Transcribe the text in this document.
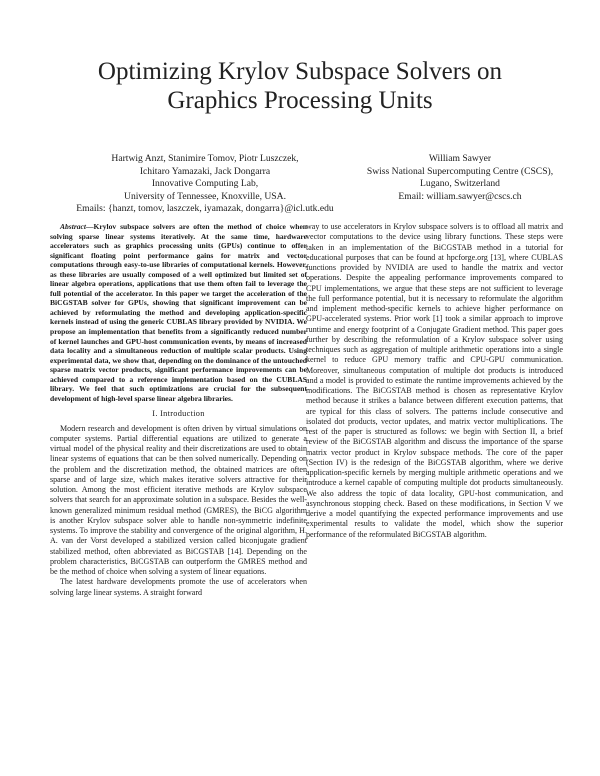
Optimizing Krylov Subspace Solvers on
Graphics Processing Units
Hartwig Anzt, Stanimire Tomov, Piotr Luszczek,
Ichitaro Yamazaki, Jack Dongarra
Innovative Computing Lab,
University of Tennessee, Knoxville, USA.
Emails: {hanzt, tomov, laszczek, iyamazak, dongarra}@icl.utk.edu
William Sawyer
Swiss National Supercomputing Centre (CSCS),
Lugano, Switzerland
Email: william.sawyer@cscs.ch

Abstract—Krylov subspace solvers are often the method of choice when solving sparse linear systems iteratively. At the same time, hardware accelerators such as graphics processing units (GPUs) continue to offer significant floating point performance gains for matrix and vector computations through easy-to-use libraries of computational kernels. However, as these libraries are usually composed of a well optimized but limited set of linear algebra operations, applications that use them often fail to leverage the full potential of the accelerator. In this paper we target the acceleration of the BiCGSTAB solver for GPUs, showing that significant improvement can be achieved by reformulating the method and developing application-specific kernels instead of using the generic CUBLAS library provided by NVIDIA. We propose an implementation that benefits from a significantly reduced number of kernel launches and GPU-host communication events, by means of increased data locality and a simultaneous reduction of multiple scalar products. Using experimental data, we show that, depending on the dominance of the untouched sparse matrix vector products, significant performance improvements can be achieved compared to a reference implementation based on the CUBLAS library. We feel that such optimizations are crucial for the subsequent development of high-level sparse linear algebra libraries.

I. Introduction

Modern research and development is often driven by virtual simulations on computer systems. Partial differential equations are utilized to generate a virtual model of the physical reality and their discretizations are used to obtain linear systems of equations that can be then solved numerically. Depending on the problem and the discretization method, the obtained matrices are often sparse and of large size, which makes iterative solvers attractive for their solution. Among the most efficient iterative methods are Krylov subspace solvers that search for an approximate solution in a subspace. Besides the well-known generalized minimum residual method (GMRES), the BiCG algorithm is another Krylov subspace solver able to handle non-symmetric indefinite systems. To improve the stability and convergence of the original algorithm, H. A. van der Vorst developed a stabilized version called biconjugate gradient stabilized method, often abbreviated as BiCGSTAB [14]. Depending on the problem characteristics, BiCGSTAB can outperform the GMRES method and be the method of choice when solving a system of linear equations.

The latest hardware developments promote the use of accelerators when solving large linear systems. A straight forward

way to use accelerators in Krylov subspace solvers is to offload all matrix and vector computations to the device using library functions. These steps were taken in an implementation of the BiCGSTAB method in a tutorial for educational purposes that can be found at hpcforge.org [13], where CUBLAS functions provided by NVIDIA are used to handle the matrix and vector operations. Despite the appealing performance improvements compared to CPU implementations, we argue that these steps are not sufficient to leverage the full performance potential, but it is necessary to reformulate the algorithm and implement method-specific kernels to achieve higher performance on GPU-accelerated systems. Prior work [1] took a similar approach to improve runtime and energy footprint of a Conjugate Gradient method. This paper goes further by describing the reformulation of a Krylov subspace solver using techniques such as aggregation of multiple arithmetic operations into a single kernel to reduce GPU memory traffic and CPU-GPU communication. Moreover, simultaneous computation of multiple dot products is introduced and a model is provided to estimate the runtime improvements achieved by the modifications. The BiCGSTAB method is chosen as representative Krylov method because it strikes a balance between different execution patterns, that are typical for this class of solvers. The patterns include consecutive and isolated dot products, vector updates, and matrix vector multiplications. The rest of the paper is structured as follows: we begin with Section II, a brief review of the BiCGSTAB algorithm and discuss the importance of the sparse matrix vector product in Krylov subspace methods. The core of the paper (Section IV) is the redesign of the BiCGSTAB algorithm, where we derive application-specific kernels by merging multiple arithmetic operations and we introduce a kernel capable of computing multiple dot products simultaneously. We also address the topic of data locality, GPU-host communication, and asynchronous stopping check. Based on these modifications, in Section V we derive a model quantifying the expected performance improvements and use experimental results to validate the model, which show the superior performance of the reformulated BiCGSTAB algorithm.
